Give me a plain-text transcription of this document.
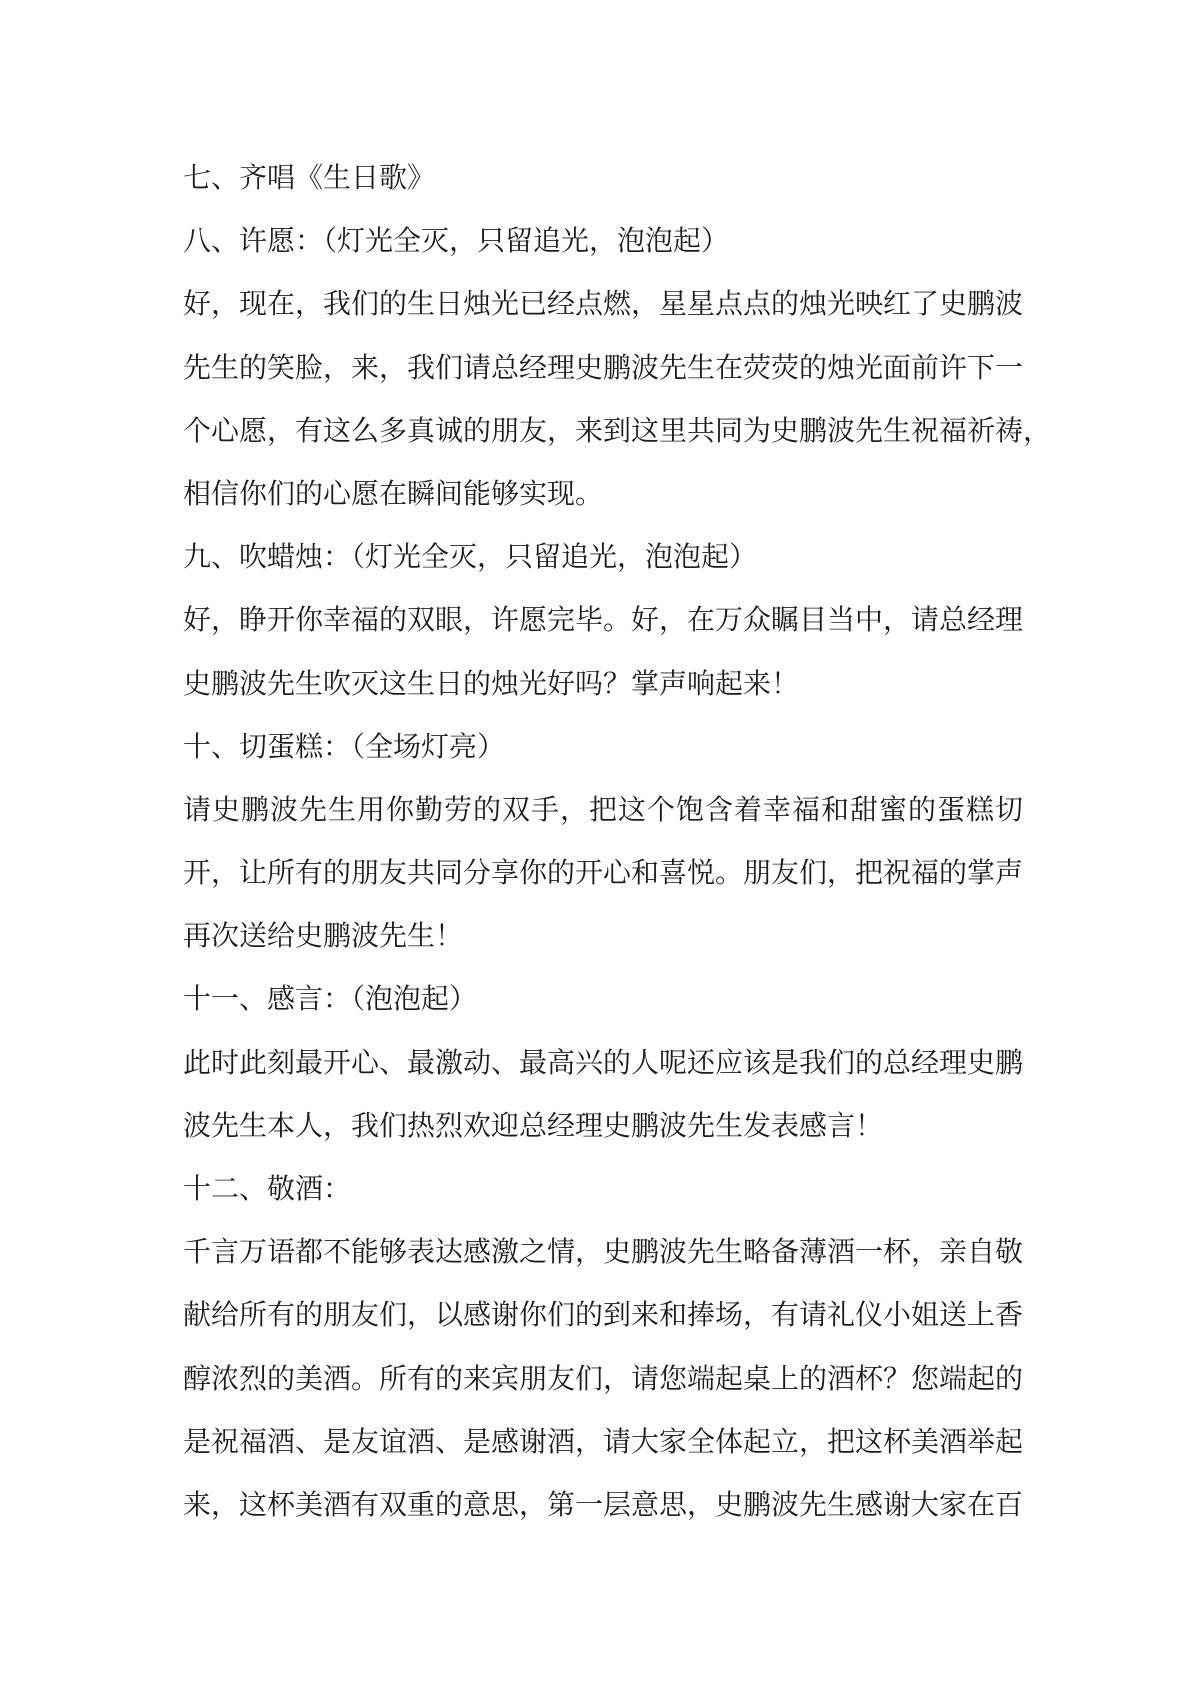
七、齐唱《生日歌》

八、许愿：（灯光全灭，只留追光，泡泡起）

好，现在，我们的生日烛光已经点燃，星星点点的烛光映红了史鹏波

先生的笑脸，来，我们请总经理史鹏波先生在荧荧的烛光面前许下一

个心愿，有这么多真诚的朋友，来到这里共同为史鹏波先生祝福祈祷，

相信你们的心愿在瞬间能够实现。

九、吹蜡烛：（灯光全灭，只留追光，泡泡起）

好，睁开你幸福的双眼，许愿完毕。好，在万众瞩目当中，请总经理

史鹏波先生吹灭这生日的烛光好吗？掌声响起来！

十、切蛋糕：（全场灯亮）

请史鹏波先生用你勤劳的双手，把这个饱含着幸福和甜蜜的蛋糕切

开，让所有的朋友共同分享你的开心和喜悦。朋友们，把祝福的掌声

再次送给史鹏波先生！

十一、感言：（泡泡起）

此时此刻最开心、最激动、最高兴的人呢还应该是我们的总经理史鹏

波先生本人，我们热烈欢迎总经理史鹏波先生发表感言！

十二、敬酒：

千言万语都不能够表达感激之情，史鹏波先生略备薄酒一杯，亲自敬

献给所有的朋友们，以感谢你们的到来和捧场，有请礼仪小姐送上香

醇浓烈的美酒。所有的来宾朋友们，请您端起桌上的酒杯？您端起的

是祝福酒、是友谊酒、是感谢酒，请大家全体起立，把这杯美酒举起

来，这杯美酒有双重的意思，第一层意思，史鹏波先生感谢大家在百
